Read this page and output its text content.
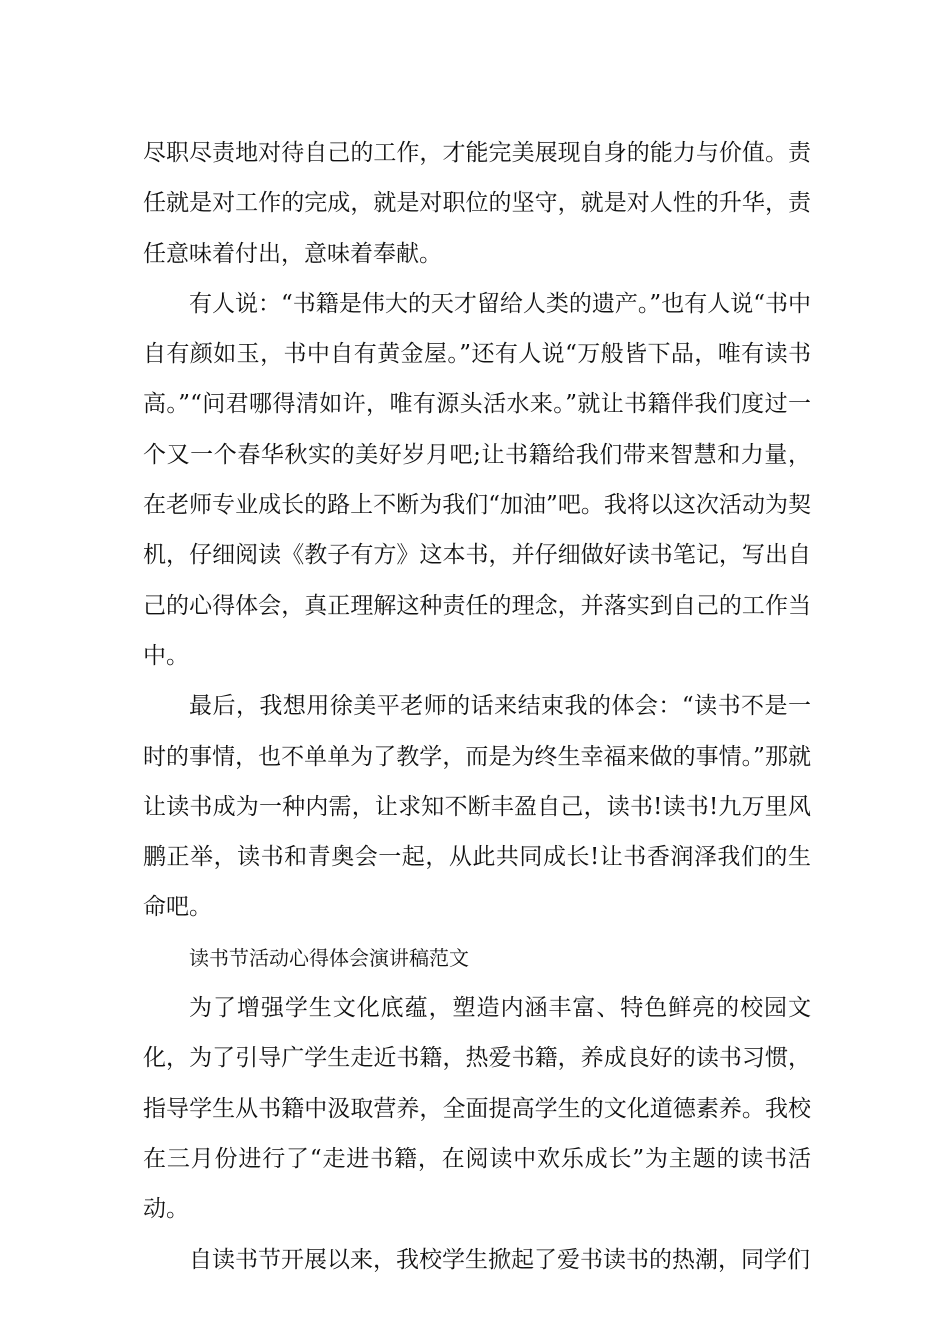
尽职尽责地对待自己的工作，才能完美展现自身的能力与价值。责任就是对工作的完成，就是对职位的坚守，就是对人性的升华，责任意味着付出，意味着奉献。

有人说：“书籍是伟大的天才留给人类的遗产。”也有人说“书中自有颜如玉，书中自有黄金屋。”还有人说“万般皆下品，唯有读书高。”“问君哪得清如许，唯有源头活水来。”就让书籍伴我们度过一个又一个春华秋实的美好岁月吧;让书籍给我们带来智慧和力量，在老师专业成长的路上不断为我们“加油”吧。我将以这次活动为契机，仔细阅读《教子有方》这本书，并仔细做好读书笔记，写出自己的心得体会，真正理解这种责任的理念，并落实到自己的工作当中。

最后，我想用徐美平老师的话来结束我的体会：“读书不是一时的事情，也不单单为了教学，而是为终生幸福来做的事情。”那就让读书成为一种内需，让求知不断丰盈自己，读书!读书!九万里风鹏正举，读书和青奥会一起，从此共同成长!让书香润泽我们的生命吧。

读书节活动心得体会演讲稿范文

为了增强学生文化底蕴，塑造内涵丰富、特色鲜亮的校园文化，为了引导广学生走近书籍，热爱书籍，养成良好的读书习惯，指导学生从书籍中汲取营养，全面提高学生的文化道德素养。我校在三月份进行了“走进书籍，在阅读中欢乐成长”为主题的读书活动。

自读书节开展以来，我校学生掀起了爱书读书的热潮，同学们
